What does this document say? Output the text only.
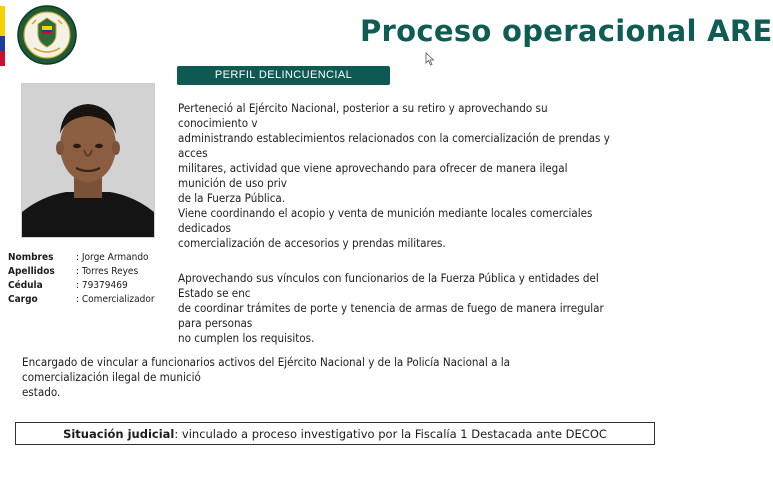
Proceso operacional ARE
PERFIL DELINCUENCIAL
Nombres	: Jorge Armando
Apellidos	: Torres Reyes
Cédula	: 79379469
Cargo	: Comercializador
Perteneció al Ejército Nacional, posterior a su retiro y aprovechando su conocimiento v
administrando establecimientos relacionados con la comercialización de prendas y acces
militares, actividad que viene aprovechando para ofrecer de manera ilegal munición de uso priv
de la Fuerza Pública.
Viene coordinando el acopio y venta de munición mediante locales comerciales dedicados
comercialización de accesorios y prendas militares.
Aprovechando sus vínculos con funcionarios de la Fuerza Pública y entidades del Estado se enc
de coordinar trámites de porte y tenencia de armas de fuego de manera irregular para personas
no cumplen los requisitos.
Encargado de vincular a funcionarios activos del Ejército Nacional y de la Policía Nacional a la comercialización ilegal de munició
estado.
Situación judicial: vinculado a proceso investigativo por la Fiscalía 1 Destacada ante DECOC
